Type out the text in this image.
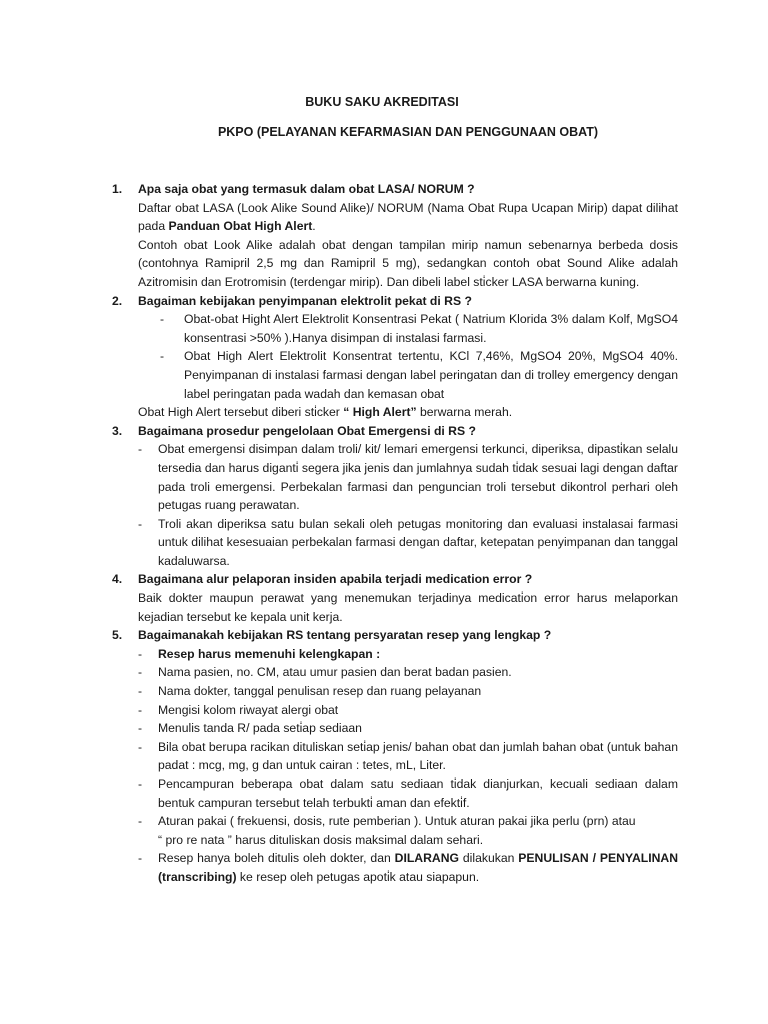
BUKU SAKU AKREDITASI
PKPO (PELAYANAN KEFARMASIAN DAN PENGGUNAAN OBAT)
1. Apa saja obat yang termasuk dalam obat LASA/ NORUM ?
Daftar obat LASA (Look Alike Sound Alike)/ NORUM (Nama Obat Rupa Ucapan Mirip) dapat dilihat pada Panduan Obat High Alert.
Contoh obat Look Alike adalah obat dengan tampilan mirip namun sebenarnya berbeda dosis (contohnya Ramipril 2,5 mg dan Ramipril 5 mg), sedangkan contoh obat Sound Alike adalah Azitromisin dan Erotromisin (terdengar mirip). Dan dibeli label sti̇cker LASA berwarna kuning.
2. Bagaiman kebijakan penyimpanan elektrolit pekat di RS ?
- Obat-obat Hight Alert Elektrolit Konsentrasi Pekat ( Natrium Klorida 3% dalam Kolf, MgSO4 konsentrasi >50% ).Hanya disimpan di instalasi farmasi.
- Obat High Alert Elektrolit Konsentrat tertentu, KCl 7,46%, MgSO4 20%, MgSO4 40%. Penyimpanan di instalasi farmasi dengan label peringatan dan di trolley emergency dengan label peringatan pada wadah dan kemasan obat
Obat High Alert tersebut diberi sti̇cker “ High Alert” berwarna merah.
3. Bagaimana prosedur pengelolaan Obat Emergensi di RS ?
- Obat emergensi disimpan dalam troli/ kit/ lemari emergensi terkunci, diperiksa, dipasti̇kan selalu tersedia dan harus diganti̇ segera jika jenis dan jumlahnya sudah ti̇dak sesuai lagi dengan daftar pada troli emergensi. Perbekalan farmasi dan penguncian troli tersebut dikontrol perhari oleh petugas ruang perawatan.
- Troli akan diperiksa satu bulan sekali oleh petugas monitoring dan evaluasi instalasai farmasi untuk dilihat kesesuaian perbekalan farmasi dengan daftar, ketepatan penyimpanan dan tanggal kadaluwarsa.
4. Bagaimana alur pelaporan insiden apabila terjadi medication error ?
Baik dokter maupun perawat yang menemukan terjadinya medicati̇on error harus melaporkan kejadian tersebut ke kepala unit kerja.
5. Bagaimanakah kebijakan RS tentang persyaratan resep yang lengkap ?
- Resep harus memenuhi kelengkapan :
- Nama pasien, no. CM, atau umur pasien dan berat badan pasien.
- Nama dokter, tanggal penulisan resep dan ruang pelayanan
- Mengisi kolom riwayat alergi obat
- Menulis tanda R/ pada seti̇ap sediaan
- Bila obat berupa racikan dituliskan seti̇ap jenis/ bahan obat dan jumlah bahan obat (untuk bahan padat : mcg, mg, g dan untuk cairan : tetes, mL, Liter.
- Pencampuran beberapa obat dalam satu sediaan ti̇dak dianjurkan, kecuali sediaan dalam bentuk campuran tersebut telah terbukti̇ aman dan efekti̇f.
- Aturan pakai ( frekuensi, dosis, rute pemberian ). Untuk aturan pakai jika perlu (prn) atau
“ pro re nata ” harus dituliskan dosis maksimal dalam sehari.
- Resep hanya boleh ditulis oleh dokter, dan DILARANG dilakukan PENULISAN / PENYALINAN (transcribing) ke resep oleh petugas apoti̇k atau siapapun.
